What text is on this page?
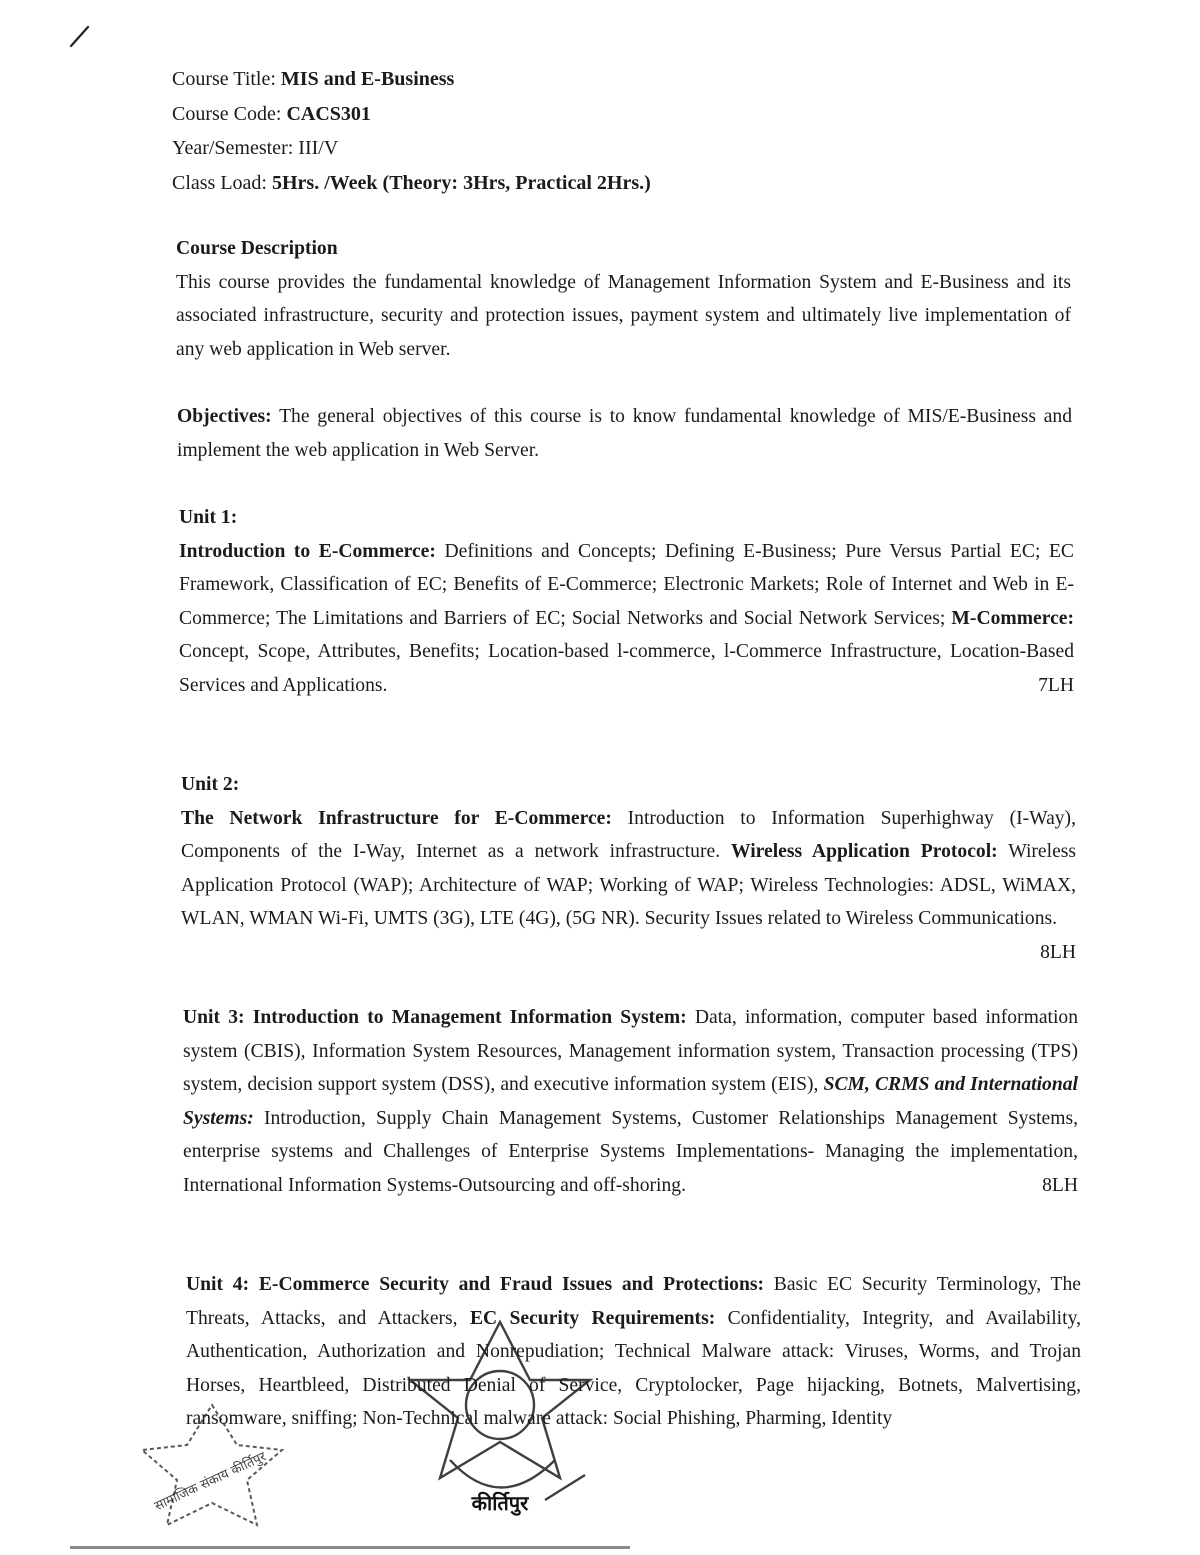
Course Title: MIS and E-Business
Course Code: CACS301
Year/Semester: III/V
Class Load: 5Hrs. /Week (Theory: 3Hrs, Practical 2Hrs.)
Course Description

This course provides the fundamental knowledge of Management Information System and E-Business and its associated infrastructure, security and protection issues, payment system and ultimately live implementation of any web application in Web server.

Objectives: The general objectives of this course is to know fundamental knowledge of MIS/E-Business and implement the web application in Web Server.

Unit 1:

Introduction to E-Commerce: Definitions and Concepts; Defining E-Business; Pure Versus Partial EC; EC Framework, Classification of EC; Benefits of E-Commerce; Electronic Markets; Role of Internet and Web in E-Commerce; The Limitations and Barriers of EC; Social Networks and Social Network Services; M-Commerce: Concept, Scope, Attributes, Benefits; Location-based l-commerce, l-Commerce Infrastructure, Location-Based Services and Applications.	7LH

Unit 2:

The Network Infrastructure for E-Commerce: Introduction to Information Superhighway (I-Way), Components of the I-Way, Internet as a network infrastructure. Wireless Application Protocol: Wireless Application Protocol (WAP); Architecture of WAP; Working of WAP; Wireless Technologies: ADSL, WiMAX, WLAN, WMAN Wi-Fi, UMTS (3G), LTE (4G), (5G NR). Security Issues related to Wireless Communications.
8LH

Unit 3: Introduction to Management Information System: Data, information, computer based information system (CBIS), Information System Resources, Management information system, Transaction processing (TPS) system, decision support system (DSS), and executive information system (EIS), SCM, CRMS and International Systems: Introduction, Supply Chain Management Systems, Customer Relationships Management Systems, enterprise systems and Challenges of Enterprise Systems Implementations- Managing the implementation, International Information Systems-Outsourcing and off-shoring.	8LH

Unit 4: E-Commerce Security and Fraud Issues and Protections: Basic EC Security Terminology, The Threats, Attacks, and Attackers, EC Security Requirements: Confidentiality, Integrity, and Availability, Authentication, Authorization and Nonrepudiation; Technical Malware attack: Viruses, Worms, and Trojan Horses, Heartbleed, Distributed Denial of Service, Cryptolocker, Page hijacking, Botnets, Malvertising, ransomware, sniffing; Non-Technical malware attack: Social Phishing, Pharming, Identity

सामाजिक संकाय कीर्तिपुर	कीर्तिपुर
